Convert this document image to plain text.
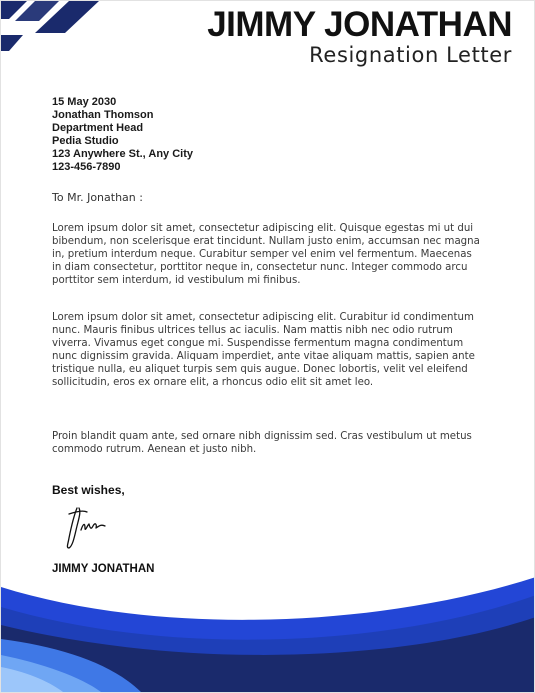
JIMMY JONATHAN
Resignation Letter
15 May 2030
Jonathan Thomson
Department Head
Pedia Studio
123 Anywhere St., Any City
123-456-7890
To Mr. Jonathan :

Lorem ipsum dolor sit amet, consectetur adipiscing elit. Quisque egestas mi ut dui bibendum, non scelerisque erat tincidunt. Nullam justo enim, accumsan nec magna in, pretium interdum neque. Curabitur semper vel enim vel fermentum. Maecenas in diam consectetur, porttitor neque in, consectetur nunc. Integer commodo arcu porttitor sem interdum, id vestibulum mi finibus.

Lorem ipsum dolor sit amet, consectetur adipiscing elit. Curabitur id condimentum nunc. Mauris finibus ultrices tellus ac iaculis. Nam mattis nibh nec odio rutrum viverra. Vivamus eget congue mi. Suspendisse fermentum magna condimentum nunc dignissim gravida. Aliquam imperdiet, ante vitae aliquam mattis, sapien ante tristique nulla, eu aliquet turpis sem quis augue. Donec lobortis, velit vel eleifend sollicitudin, eros ex ornare elit, a rhoncus odio elit sit amet leo.

Proin blandit quam ante, sed ornare nibh dignissim sed. Cras vestibulum ut metus commodo rutrum. Aenean et justo nibh.

Best wishes,
JIMMY JONATHAN
